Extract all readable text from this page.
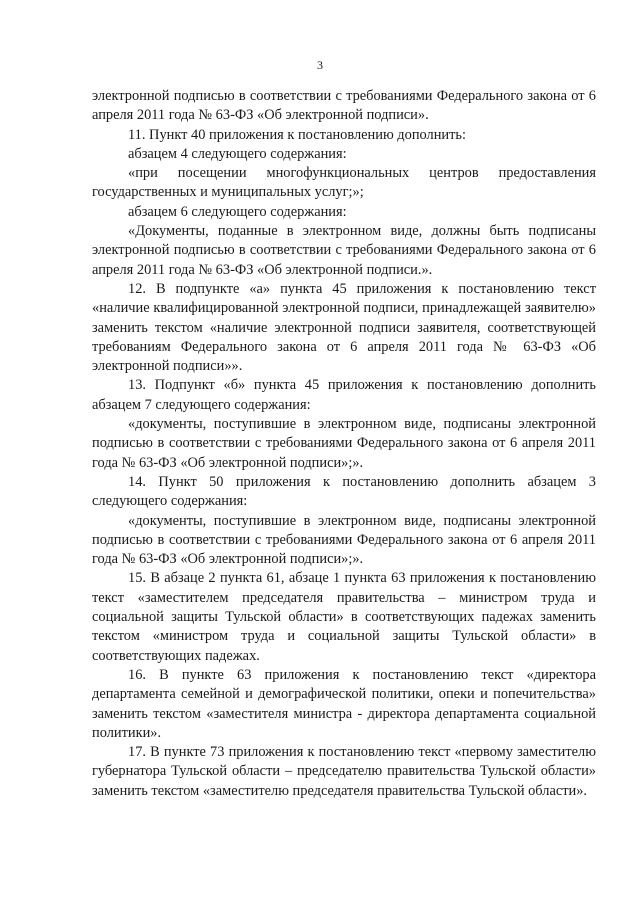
3

электронной подписью в соответствии с требованиями Федерального закона от 6 апреля 2011 года № 63-ФЗ «Об электронной подписи».

11. Пункт 40 приложения к постановлению дополнить:

абзацем 4 следующего содержания:

«при посещении многофункциональных центров предоставления государственных и муниципальных услуг;»;

абзацем 6 следующего содержания:

«Документы, поданные в электронном виде, должны быть подписаны электронной подписью в соответствии с требованиями Федерального закона от 6 апреля 2011 года № 63-ФЗ «Об электронной подписи.».

12. В подпункте «а» пункта 45 приложения к постановлению текст «наличие квалифицированной электронной подписи, принадлежащей заявителю» заменить текстом «наличие электронной подписи заявителя, соответствующей требованиям Федерального закона от 6 апреля 2011 года № 63-ФЗ «Об электронной подписи»».

13. Подпункт «б» пункта 45 приложения к постановлению дополнить абзацем 7 следующего содержания:

«документы, поступившие в электронном виде, подписаны электронной подписью в соответствии с требованиями Федерального закона от 6 апреля 2011 года № 63-ФЗ «Об электронной подписи»;».

14. Пункт 50 приложения к постановлению дополнить абзацем 3 следующего содержания:

«документы, поступившие в электронном виде, подписаны электронной подписью в соответствии с требованиями Федерального закона от 6 апреля 2011 года № 63-ФЗ «Об электронной подписи»;».

15. В абзаце 2 пункта 61, абзаце 1 пункта 63 приложения к постановлению текст «заместителем председателя правительства – министром труда и социальной защиты Тульской области» в соответствующих падежах заменить текстом «министром труда и социальной защиты Тульской области» в соответствующих падежах.

16. В пункте 63 приложения к постановлению текст «директора департамента семейной и демографической политики, опеки и попечительства» заменить текстом «заместителя министра - директора департамента социальной политики».

17. В пункте 73 приложения к постановлению текст «первому заместителю губернатора Тульской области – председателю правительства Тульской области» заменить текстом «заместителю председателя правительства Тульской области».
